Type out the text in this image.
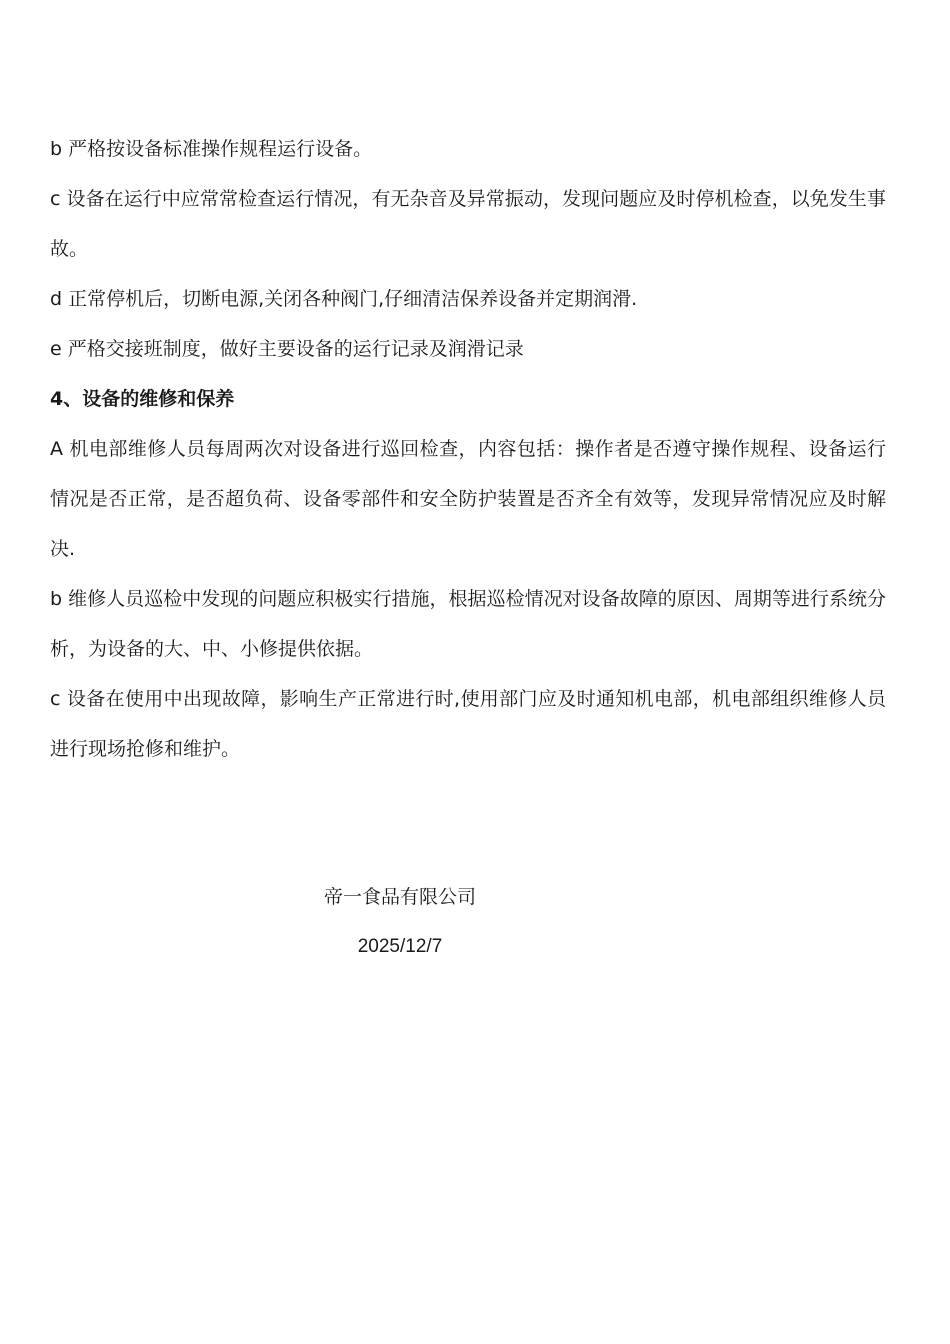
b 严格按设备标准操作规程运行设备。

c 设备在运行中应常常检查运行情况，有无杂音及异常振动，发现问题应及时停机检查，以免发生事故。

d 正常停机后，切断电源,关闭各种阀门,仔细清洁保养设备并定期润滑.

e 严格交接班制度，做好主要设备的运行记录及润滑记录

4、设备的维修和保养

A 机电部维修人员每周两次对设备进行巡回检查，内容包括：操作者是否遵守操作规程、设备运行情况是否正常，是否超负荷、设备零部件和安全防护装置是否齐全有效等，发现异常情况应及时解决.

b 维修人员巡检中发现的问题应积极实行措施，根据巡检情况对设备故障的原因、周期等进行系统分析，为设备的大、中、小修提供依据。

c 设备在使用中出现故障，影响生产正常进行时,使用部门应及时通知机电部，机电部组织维修人员进行现场抢修和维护。

帝一食品有限公司
2025/12/7
